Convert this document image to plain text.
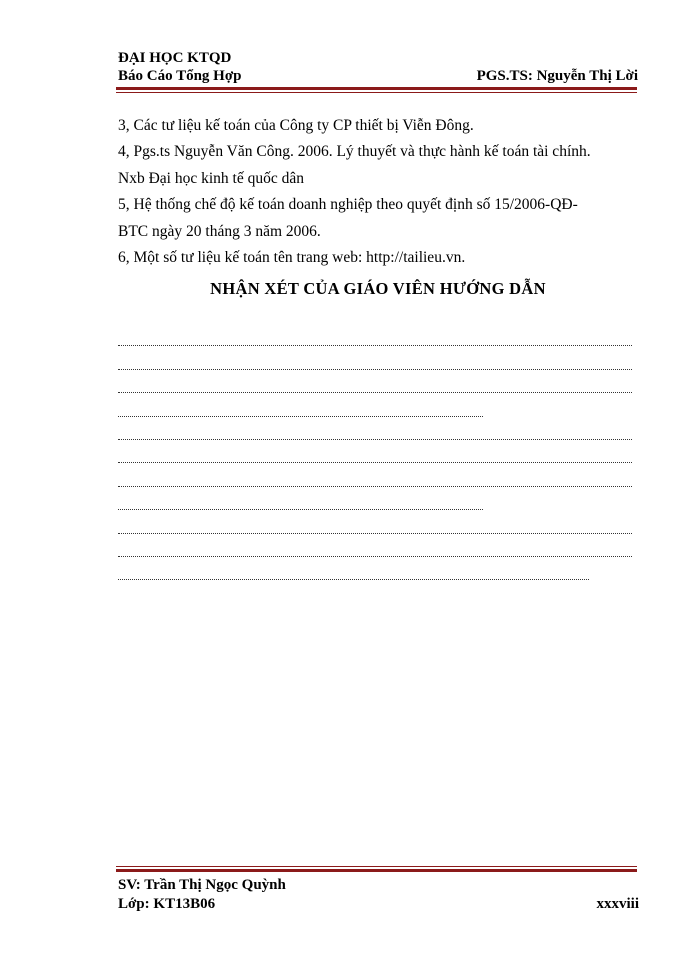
ĐẠI HỌC KTQD
Báo Cáo Tổng Hợp	PGS.TS: Nguyễn Thị Lời

3, Các tư liệu kế toán của Công ty CP thiết bị Viễn Đông.

4, Pgs.ts Nguyễn Văn Công. 2006. Lý thuyết và thực hành kế toán tài chính.

Nxb Đại học kinh tế quốc dân

5, Hệ thống chế độ kế toán doanh nghiệp theo quyết định số 15/2006-QĐ-

BTC ngày 20 tháng 3 năm 2006.

6, Một số tư liệu kế toán tên trang web: http://tailieu.vn.

NHẬN XÉT CỦA GIÁO VIÊN HƯỚNG DẪN
SV: Trần Thị Ngọc Quỳnh
Lớp: KT13B06	xxxviii
